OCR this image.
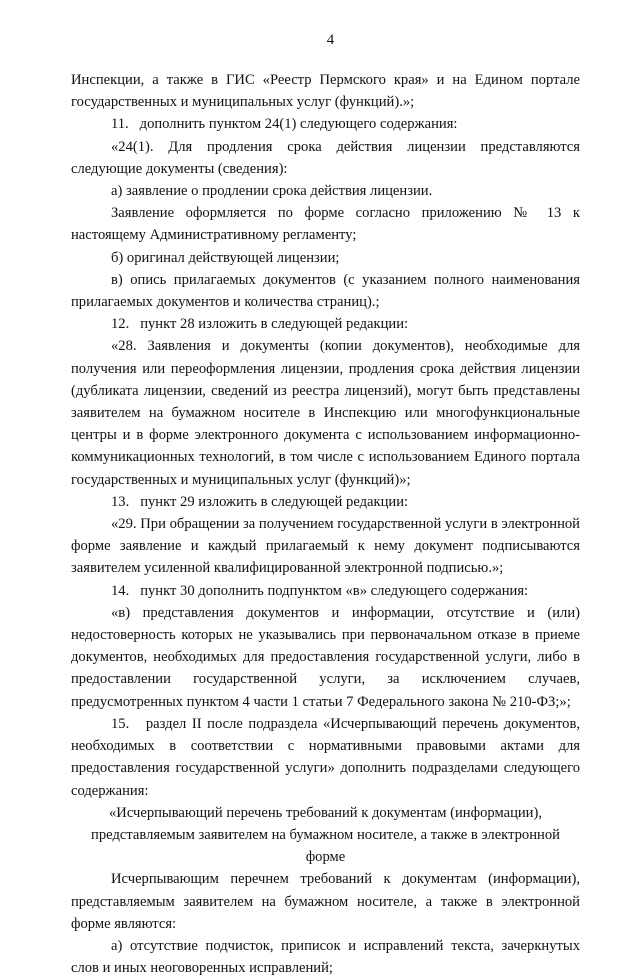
4

Инспекции, а также в ГИС «Реестр Пермского края» и на Едином портале государственных и муниципальных услуг (функций).»;

11.   дополнить пунктом 24(1) следующего содержания:

«24(1). Для продления срока действия лицензии представляются следующие документы (сведения):

а) заявление о продлении срока действия лицензии.

Заявление оформляется по форме согласно приложению № 13 к настоящему Административному регламенту;

б) оригинал действующей лицензии;

в) опись прилагаемых документов (с указанием полного наименования прилагаемых документов и количества страниц).;

12.   пункт 28 изложить в следующей редакции:

«28. Заявления и документы (копии документов), необходимые для получения или переоформления лицензии, продления срока действия лицензии (дубликата лицензии, сведений из реестра лицензий), могут быть представлены заявителем на бумажном носителе в Инспекцию или многофункциональные центры и в форме электронного документа с использованием информационно-коммуникационных технологий, в том числе с использованием Единого портала государственных и муниципальных услуг (функций)»;

13.   пункт 29 изложить в следующей редакции:

«29. При обращении за получением государственной услуги в электронной форме заявление и каждый прилагаемый к нему документ подписываются заявителем усиленной квалифицированной электронной подписью.»;

14.   пункт 30 дополнить подпунктом «в» следующего содержания:

«в) представления документов и информации, отсутствие и (или) недостоверность которых не указывались при первоначальном отказе в приеме документов, необходимых для предоставления государственной услуги, либо в предоставлении государственной услуги, за исключением случаев, предусмотренных пунктом 4 части 1 статьи 7 Федерального закона № 210-ФЗ;»;

15.   раздел II после подраздела «Исчерпывающий перечень документов, необходимых в соответствии с нормативными правовыми актами для предоставления государственной услуги» дополнить подразделами следующего содержания:

«Исчерпывающий перечень требований к документам (информации), представляемым заявителем на бумажном носителе, а также в электронной форме

Исчерпывающим перечнем требований к документам (информации), представляемым заявителем на бумажном носителе, а также в электронной форме являются:

а) отсутствие подчисток, приписок и исправлений текста, зачеркнутых слов и иных неоговоренных исправлений;
